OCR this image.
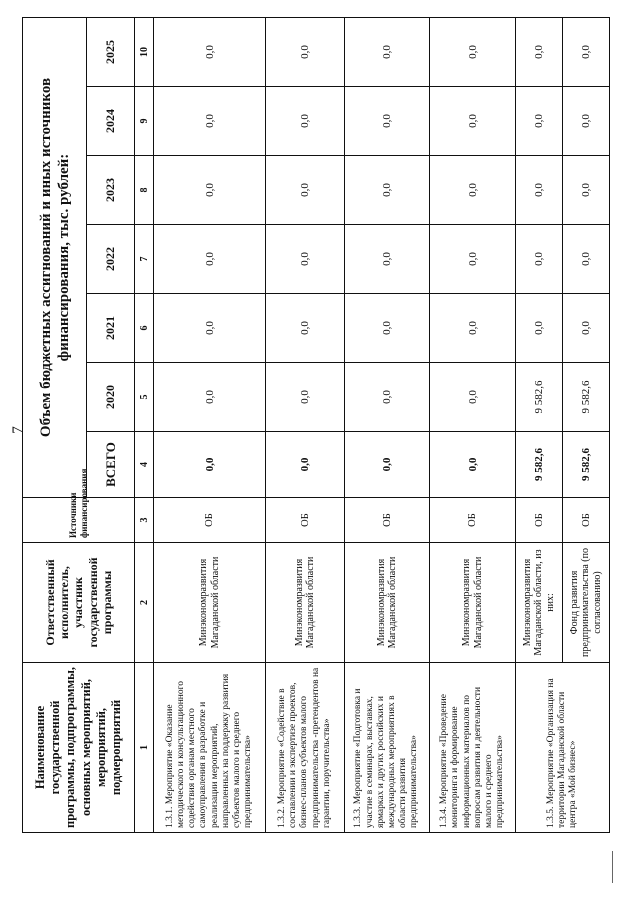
7
Наименование государственной программы, подпрограммы, основных мероприятий, мероприятий, подмероприятий	Ответственный исполнитель, участник государственной программы	Источники финансирования	Объем бюджетных ассигнований и иных источников финансирования, тыс. рублей:						
			ВСЕГО	2020	2021	2022	2023	2024	2025
1	2	3	4	5	6	7	8	9	10
1.3.1. Мероприятие «Оказание методического и консультационного содействия органам местного самоуправления в разработке и реализации мероприятий, направленных на поддержку развития субъектов малого и среднего предпринимательства»	Минэкономразвития Магаданской области	ОБ	0,0	0,0	0,0	0,0	0,0	0,0	0,0
1.3.2. Мероприятие «Содействие в составлении и экспертизе проектов, бизнес-планов субъектов малого предпринимательства -претендентов на гарантии, поручительства»	Минэкономразвития Магаданской области	ОБ	0,0	0,0	0,0	0,0	0,0	0,0	0,0
1.3.3. Мероприятие «Подготовка и участие в семинарах, выставках, ярмарках и других российских и международных мероприятиях в области развития предпринимательства»	Минэкономразвития Магаданской области	ОБ	0,0	0,0	0,0	0,0	0,0	0,0	0,0
1.3.4. Мероприятие «Проведение мониторинга и формирование информационных материалов по вопросам развития и деятельности малого и среднего предпринимательства»	Минэкономразвития Магаданской области	ОБ	0,0	0,0	0,0	0,0	0,0	0,0	0,0
1.3.5. Мероприятие «Организация на территории Магаданской области центра «Мой бизнес»	Минэкономразвития Магаданской области, из них:	ОБ	9 582,6	9 582,6	0,0	0,0	0,0	0,0	0,0
	Фонд развития предпринимательства (по согласованию)	ОБ	9 582,6	9 582,6	0,0	0,0	0,0	0,0	0,0
